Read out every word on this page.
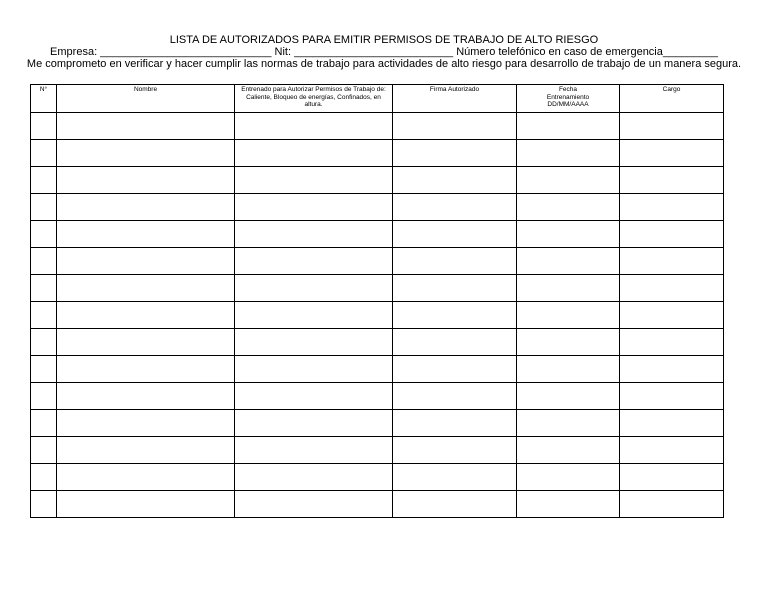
LISTA DE AUTORIZADOS PARA EMITIR PERMISOS DE TRABAJO DE ALTO RIESGO
Empresa: ____________________________ Nit: __________________________ Número telefónico en caso de emergencia_________
Me comprometo en verificar y hacer cumplir las normas de trabajo para actividades de alto riesgo para desarrollo de trabajo de un manera segura.
N°	Nombre	Entrenado para Autorizar Permisos de Trabajo de: Caliente, Bloqueo de energías, Confinados, en altura.	Firma Autorizado	Fecha Entrenamiento DD/MM/AAAA	Cargo
